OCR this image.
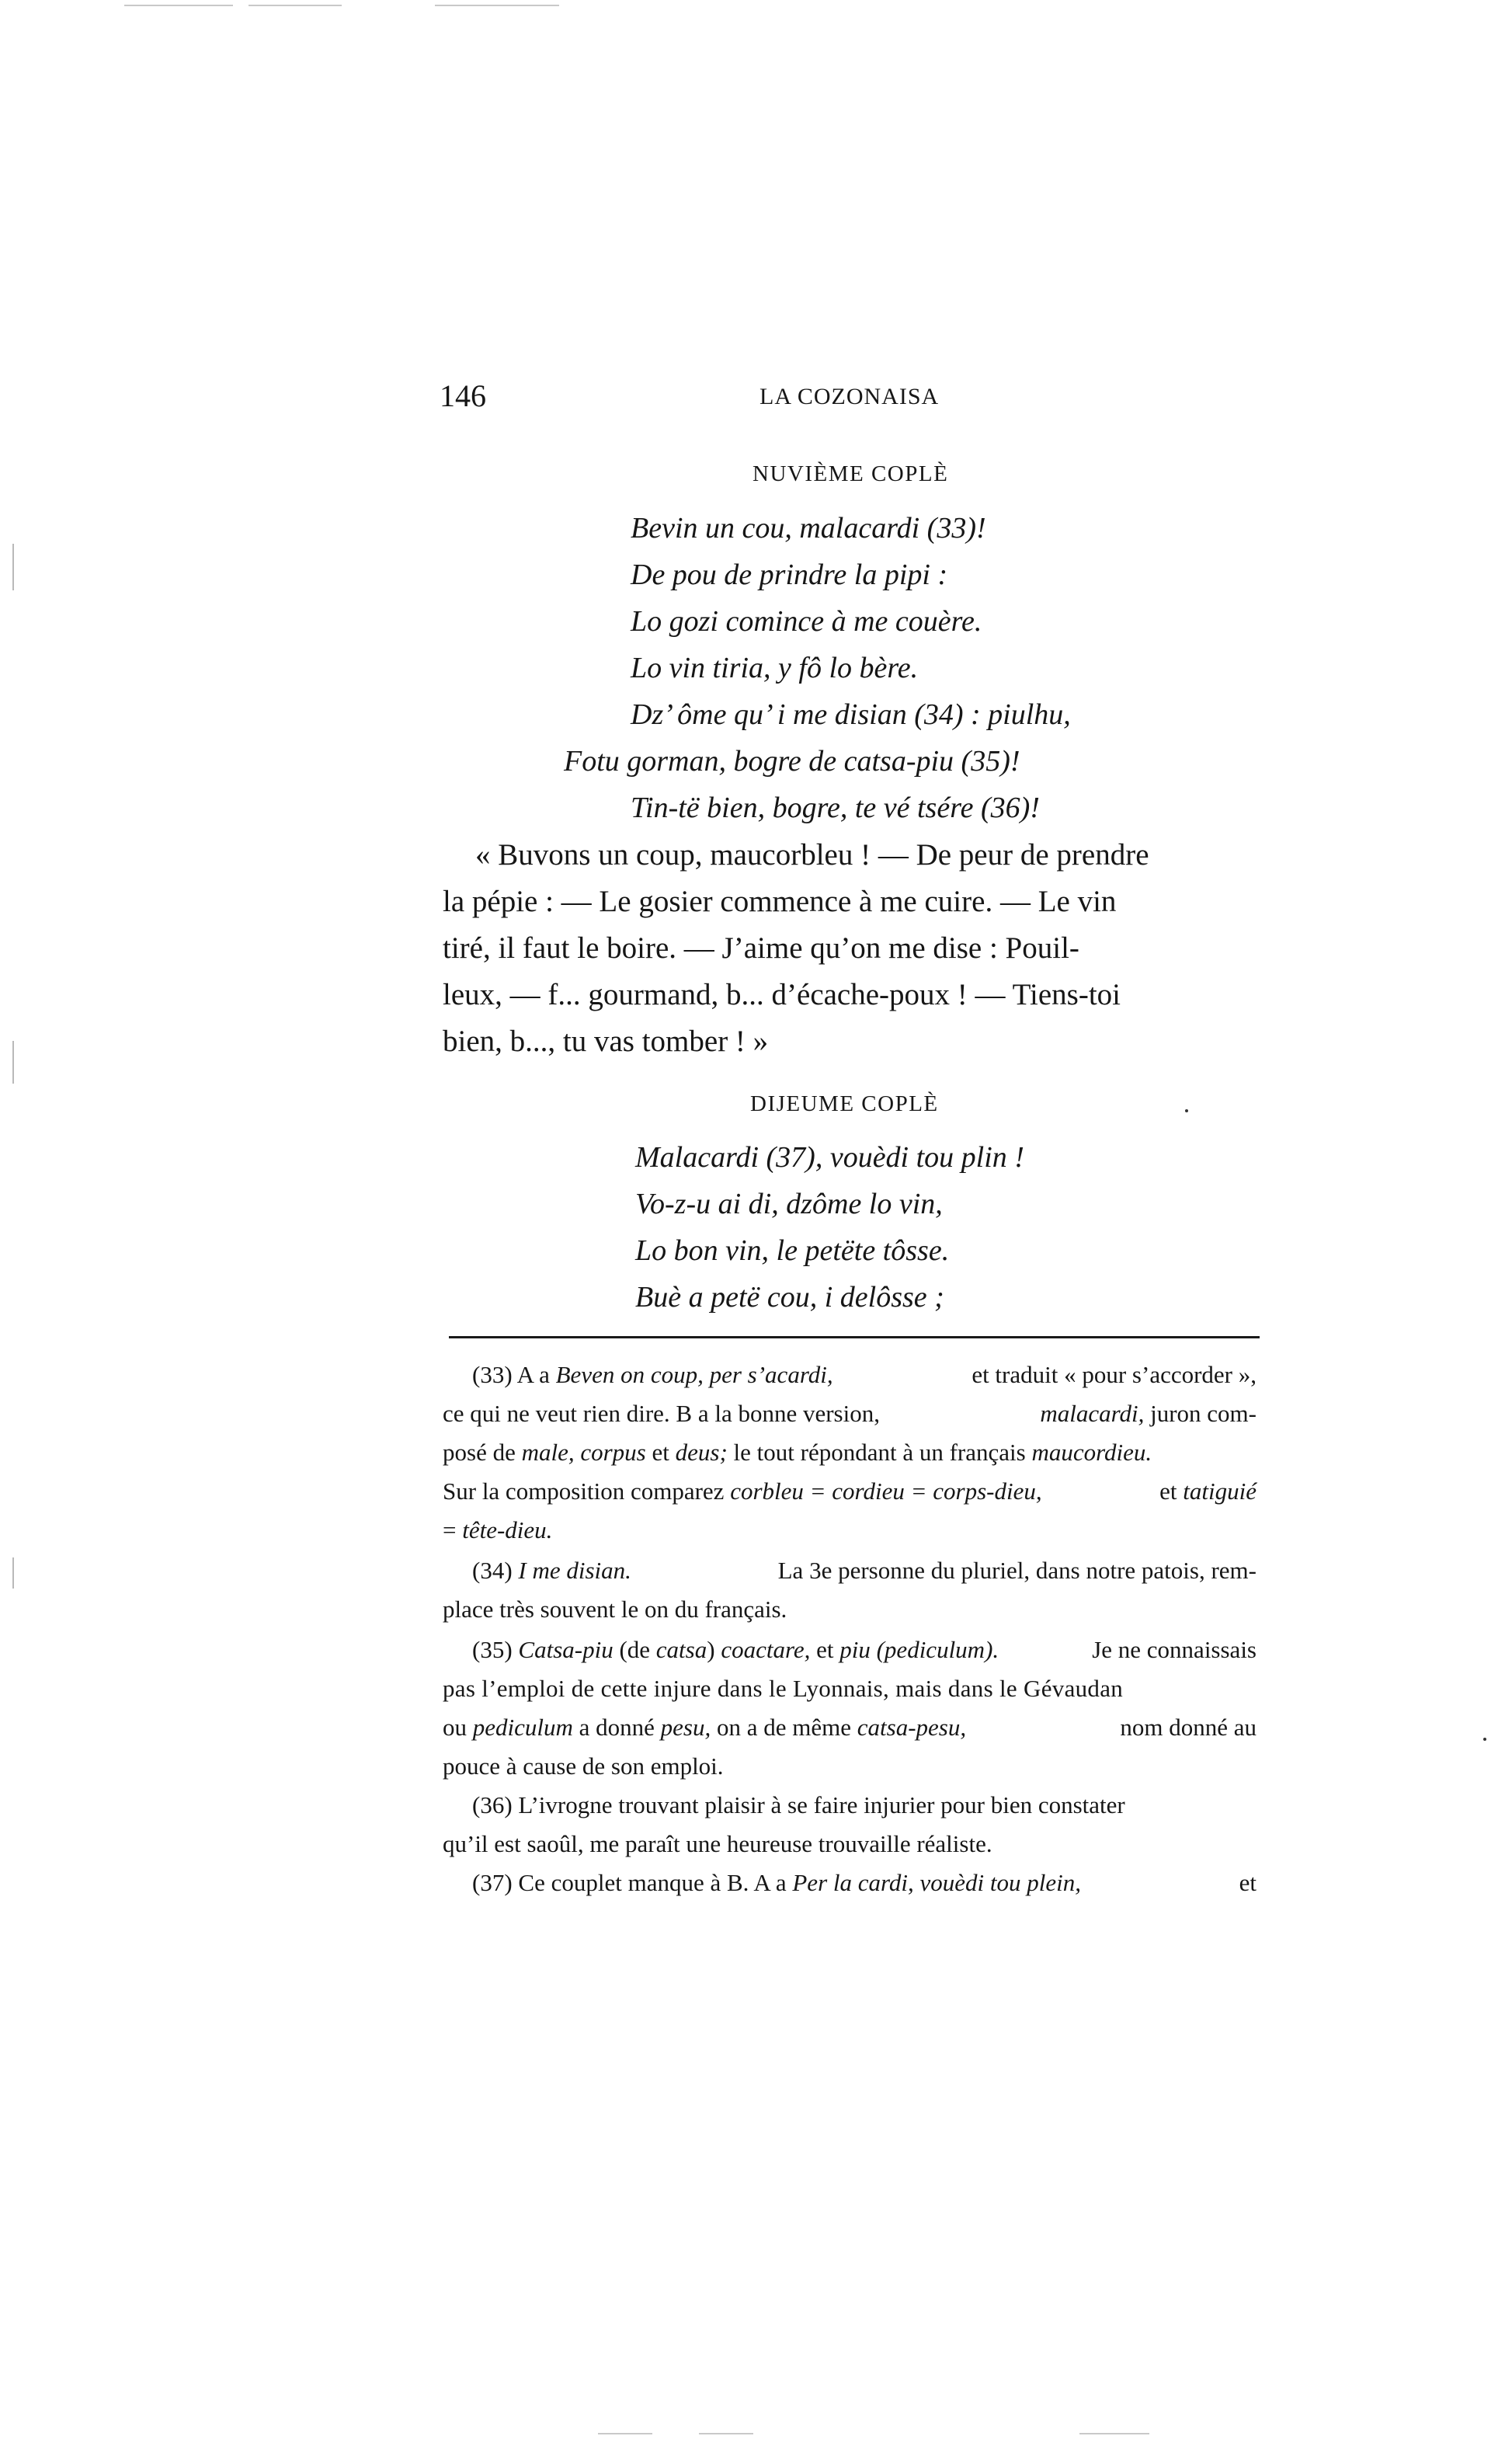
146	LA COZONAISA
NUVIÈME COPLÈ
Bevin un cou, malacardi (33)!
De pou de prindre la pipi :
Lo gozi comince à me couère.
Lo vin tiria, y fô lo bère.
Dz’ ôme qu’ i me disian (34) : piulhu,
Fotu gorman, bogre de catsa-piu (35)!
Tin-të bien, bogre, te vé tsére (36)!
« Buvons un coup, maucorbleu ! — De peur de prendre
la pépie : — Le gosier commence à me cuire. — Le vin
tiré, il faut le boire. — J’aime qu’on me dise : Pouil-
leux, — f... gourmand, b... d’écache-poux ! — Tiens-toi
bien, b..., tu vas tomber ! »
DIJEUME COPLÈ
Malacardi (37), vouèdi tou plin !
Vo-z-u ai di, dzôme lo vin,
Lo bon vin, le petëte tôsse.
Buè a petë cou, i delôsse ;
(33) A a Beven on coup, per s’acardi,	et traduit « pour s’accorder »,
ce qui ne veut rien dire. B a la bonne version,	malacardi, juron com-
posé de male, corpus et deus; le tout répondant à un français maucordieu.
Sur la composition comparez corbleu = cordieu = corps-dieu,	et tatiguié
= tête-dieu.
(34) I me disian.	La 3e personne du pluriel, dans notre patois, rem-
place très souvent le on du français.
(35) Catsa-piu (de catsa) coactare, et piu (pediculum).	Je ne connaissais
pas l’emploi de cette injure dans le Lyonnais, mais dans le Gévaudan
ou pediculum a donné pesu, on a de même catsa-pesu,	nom donné au
pouce à cause de son emploi.
(36) L’ivrogne trouvant plaisir à se faire injurier pour bien constater
qu’il est saoûl, me paraît une heureuse trouvaille réaliste.
(37) Ce couplet manque à B. A a Per la cardi, vouèdi tou plein,	et
